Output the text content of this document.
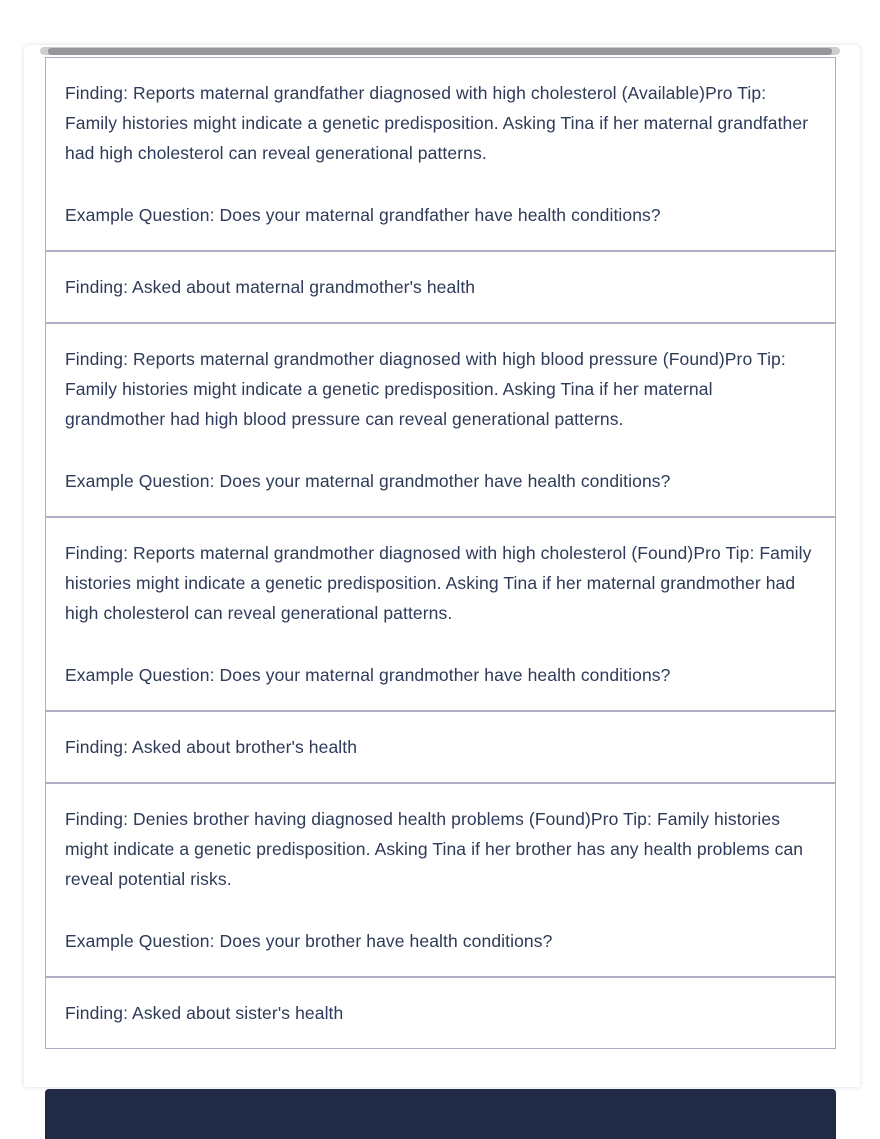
Finding: Reports maternal grandfather diagnosed with high cholesterol (Available)Pro Tip: Family histories might indicate a genetic predisposition. Asking Tina if her maternal grandfather had high cholesterol can reveal generational patterns.

Example Question: Does your maternal grandfather have health conditions?

Finding: Asked about maternal grandmother's health

Finding: Reports maternal grandmother diagnosed with high blood pressure (Found)Pro Tip: Family histories might indicate a genetic predisposition. Asking Tina if her maternal grandmother had high blood pressure can reveal generational patterns.

Example Question: Does your maternal grandmother have health conditions?

Finding: Reports maternal grandmother diagnosed with high cholesterol (Found)Pro Tip: Family histories might indicate a genetic predisposition. Asking Tina if her maternal grandmother had high cholesterol can reveal generational patterns.

Example Question: Does your maternal grandmother have health conditions?

Finding: Asked about brother's health

Finding: Denies brother having diagnosed health problems (Found)Pro Tip: Family histories might indicate a genetic predisposition. Asking Tina if her brother has any health problems can reveal potential risks.

Example Question: Does your brother have health conditions?

Finding: Asked about sister's health
